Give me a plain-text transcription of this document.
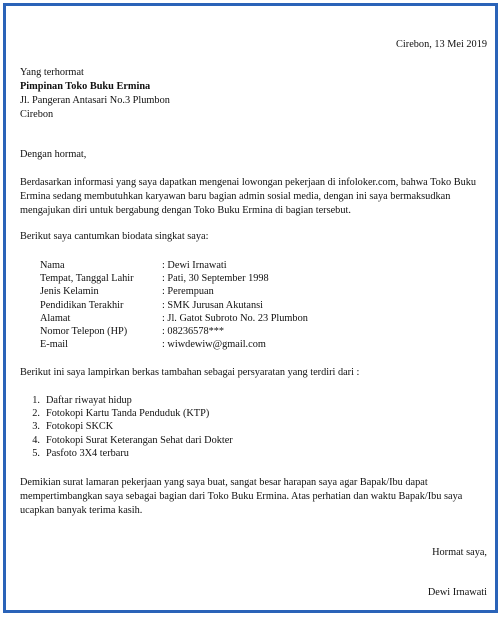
Cirebon, 13 Mei 2019
Yang terhormat
Pimpinan Toko Buku Ermina
Jl. Pangeran Antasari No.3 Plumbon
Cirebon
Dengan hormat,
Berdasarkan informasi yang saya dapatkan mengenai lowongan pekerjaan di infoloker.com, bahwa Toko Buku Ermina sedang membutuhkan karyawan baru bagian admin sosial media, dengan ini saya bermaksudkan mengajukan diri untuk bergabung dengan Toko Buku Ermina di bagian tersebut.
Berikut saya cantumkan biodata singkat saya:
Nama	: Dewi Irnawati
Tempat, Tanggal Lahir	: Pati, 30 September 1998
Jenis Kelamin	: Perempuan
Pendidikan Terakhir	: SMK Jurusan Akutansi
Alamat	: Jl. Gatot Subroto No. 23 Plumbon
Nomor Telepon (HP)	: 08236578***
E-mail	: wiwdewiw@gmail.com
Berikut ini saya lampirkan berkas tambahan sebagai persyaratan yang terdiri dari :
1. Daftar riwayat hidup
2. Fotokopi Kartu Tanda Penduduk (KTP)
3. Fotokopi SKCK
4. Fotokopi Surat Keterangan Sehat dari Dokter
5. Pasfoto 3X4 terbaru
Demikian surat lamaran pekerjaan yang saya buat, sangat besar harapan saya agar Bapak/Ibu dapat mempertimbangkan saya sebagai bagian dari Toko Buku Ermina. Atas perhatian dan waktu Bapak/Ibu saya ucapkan banyak terima kasih.
Hormat saya,
Dewi Irnawati
